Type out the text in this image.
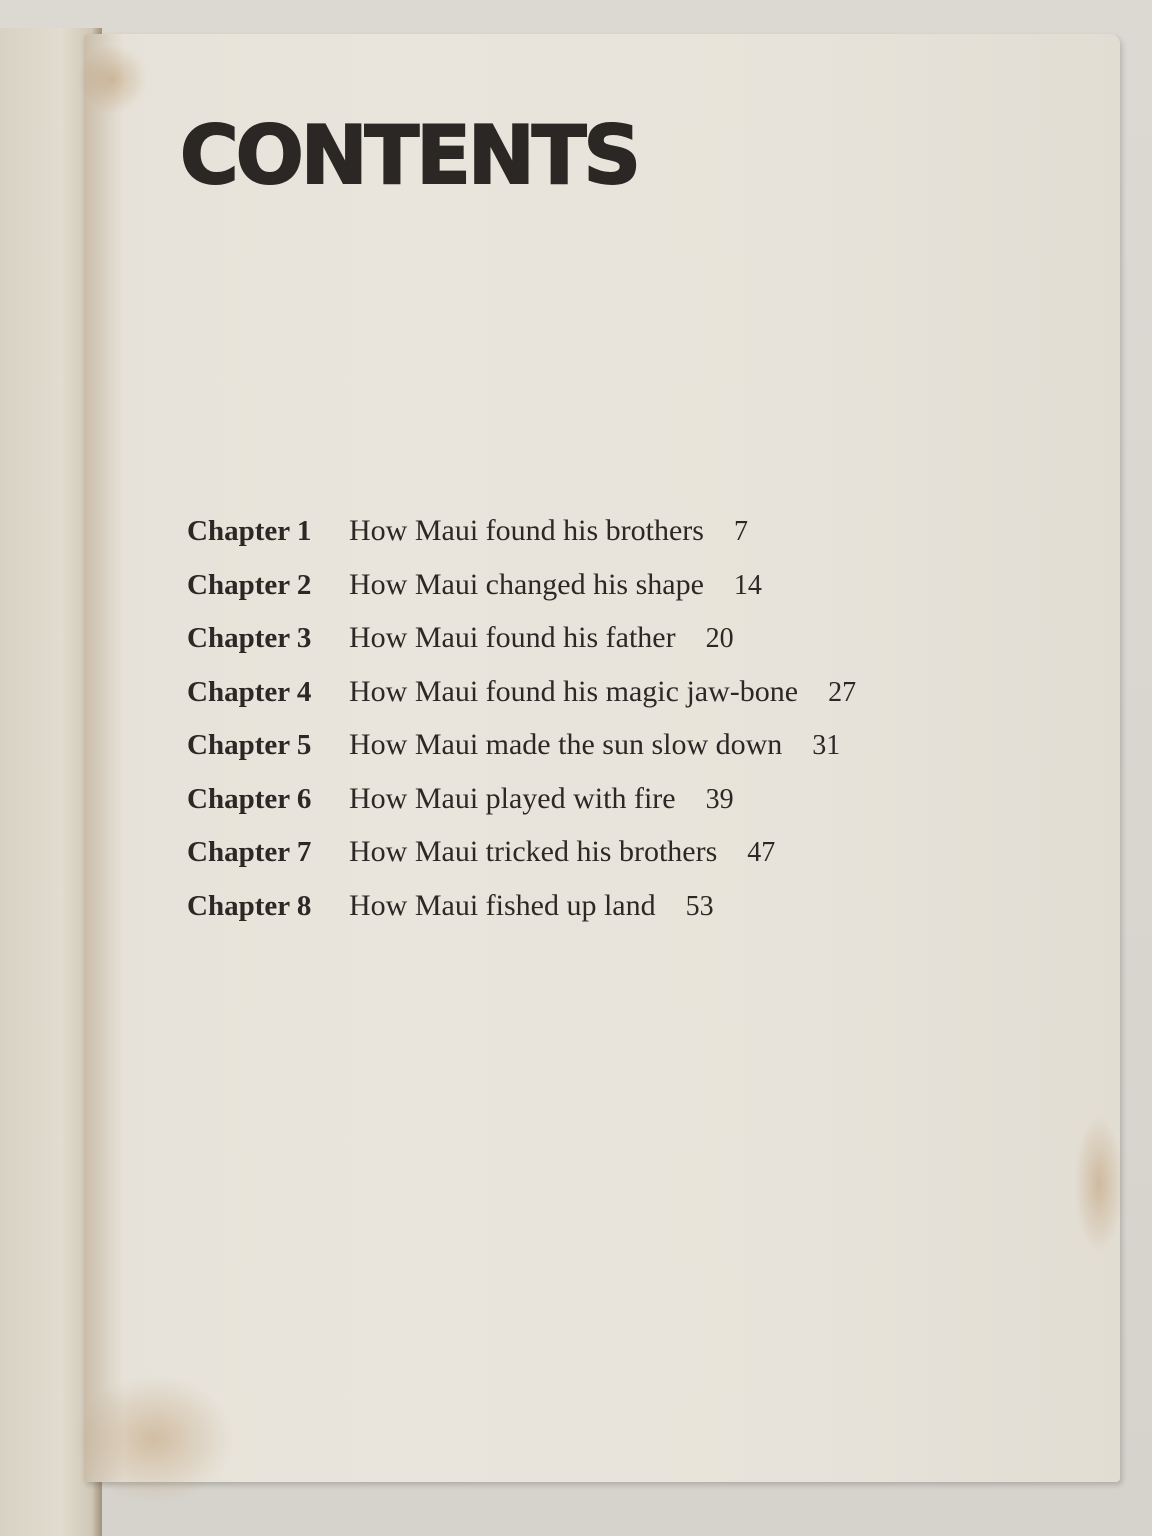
CONTENTS
Chapter 1	How Maui found his brothers 7
Chapter 2	How Maui changed his shape 14
Chapter 3	How Maui found his father 20
Chapter 4	How Maui found his magic jaw-bone 27
Chapter 5	How Maui made the sun slow down 31
Chapter 6	How Maui played with fire 39
Chapter 7	How Maui tricked his brothers 47
Chapter 8	How Maui fished up land 53
